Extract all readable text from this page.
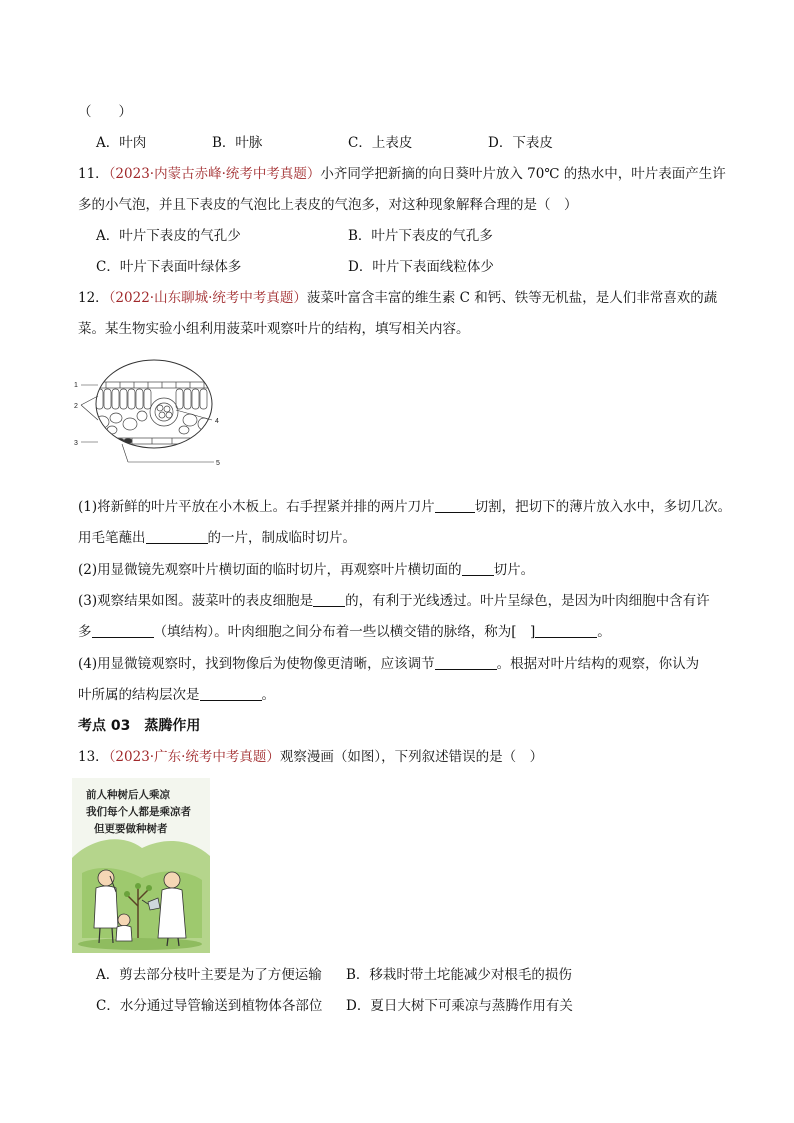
（　　）
A．叶肉	B．叶脉	C．上表皮	D．下表皮
11．（2023·内蒙古赤峰·统考中考真题）小齐同学把新摘的向日葵叶片放入 70℃ 的热水中，叶片表面产生许
多的小气泡，并且下表皮的气泡比上表皮的气泡多，对这种现象解释合理的是（　）
A．叶片下表皮的气孔少	B．叶片下表皮的气孔多
C．叶片下表面叶绿体多	D．叶片下表面线粒体少
12．（2022·山东聊城·统考中考真题）菠菜叶富含丰富的维生素 C 和钙、铁等无机盐，是人们非常喜欢的蔬
菜。某生物实验小组利用菠菜叶观察叶片的结构，填写相关内容。
1
2
3
4
5
(1)将新鲜的叶片平放在小木板上。右手捏紧并排的两片刀片	切割，把切下的薄片放入水中，多切几次。
用毛笔蘸出	的一片，制成临时切片。
(2)用显微镜先观察叶片横切面的临时切片，再观察叶片横切面的 切片。
(3)观察结果如图。菠菜叶的表皮细胞是 的，有利于光线透过。叶片呈绿色，是因为叶肉细胞中含有许
多	（填结构）。叶肉细胞之间分布着一些以横交错的脉络，称为[　]	。
(4)用显微镜观察时，找到物像后为使物像更清晰，应该调节	。根据对叶片结构的观察，你认为
叶所属的结构层次是	。
考点 03 蒸腾作用
13．（2023·广东·统考中考真题）观察漫画（如图），下列叙述错误的是（　）
前人种树后人乘凉
我们每个人都是乘凉者
但更要做种树者
A．剪去部分枝叶主要是为了方便运输 B．移栽时带土坨能减少对根毛的损伤
C．水分通过导管输送到植物体各部位 D．夏日大树下可乘凉与蒸腾作用有关
